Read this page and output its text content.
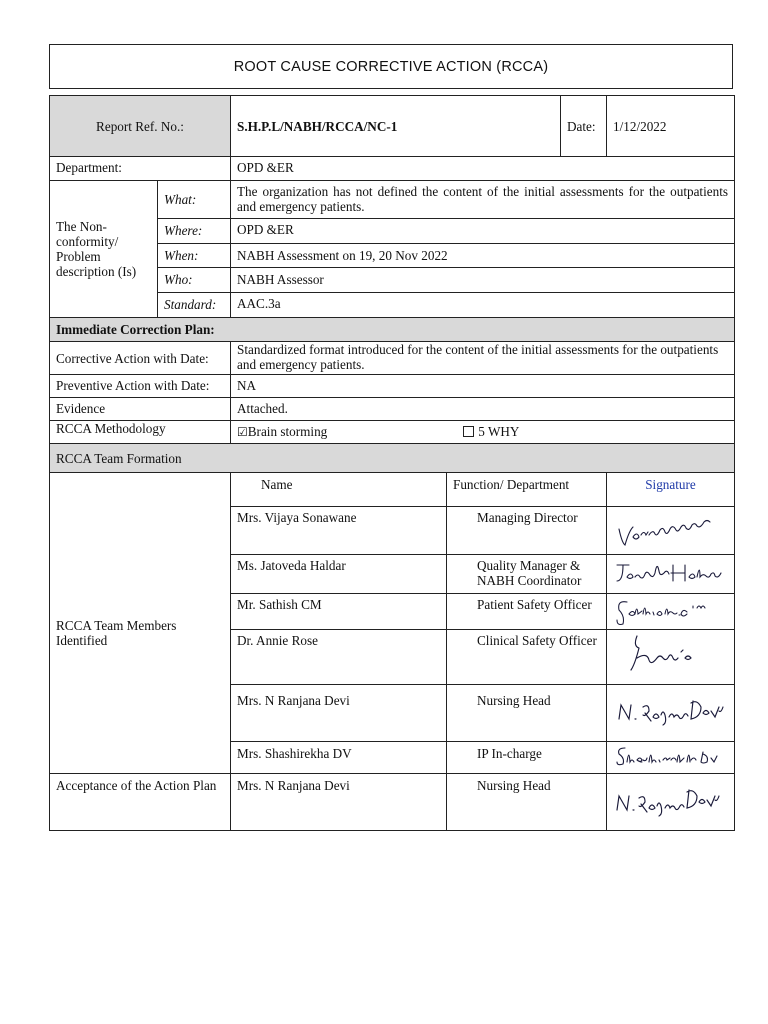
ROOT CAUSE CORRECTIVE ACTION (RCCA)
Report Ref. No.:		S.H.P.L/NABH/RCCA/NC-1		Date:	1/12/2022
Department:		OPD &ER			
The Non-conformity/ Problem description (Is)	What:	The organization has not defined the content of the initial assessments for the outpatients and emergency patients.			
	Where:	OPD &ER			
	When:	NABH Assessment on 19, 20 Nov 2022			
	Who:	NABH Assessor			
	Standard:	AAC.3a			
Immediate Correction Plan:					
Corrective Action with Date:		Standardized format introduced for the content of the initial assessments for the outpatients and emergency patients.			
Preventive Action with Date:		NA			
Evidence		Attached.			
RCCA Methodology		☑Brain storming 5 WHY			
RCCA Team Formation					

RCCA Team Members Identified		Name	Function/ Department		Signature
		Mrs. Vijaya Sonawane	Managing Director	

		Ms. Jatoveda Haldar	Quality Manager & NABH Coordinator	

		Mr. Sathish CM	Patient Safety Officer	

		Dr. Annie Rose	Clinical Safety Officer	

		Mrs. N Ranjana Devi	Nursing Head	

		Mrs. Shashirekha DV	IP In-charge	

Acceptance of the Action Plan		Mrs. N Ranjana Devi	Nursing Head	
